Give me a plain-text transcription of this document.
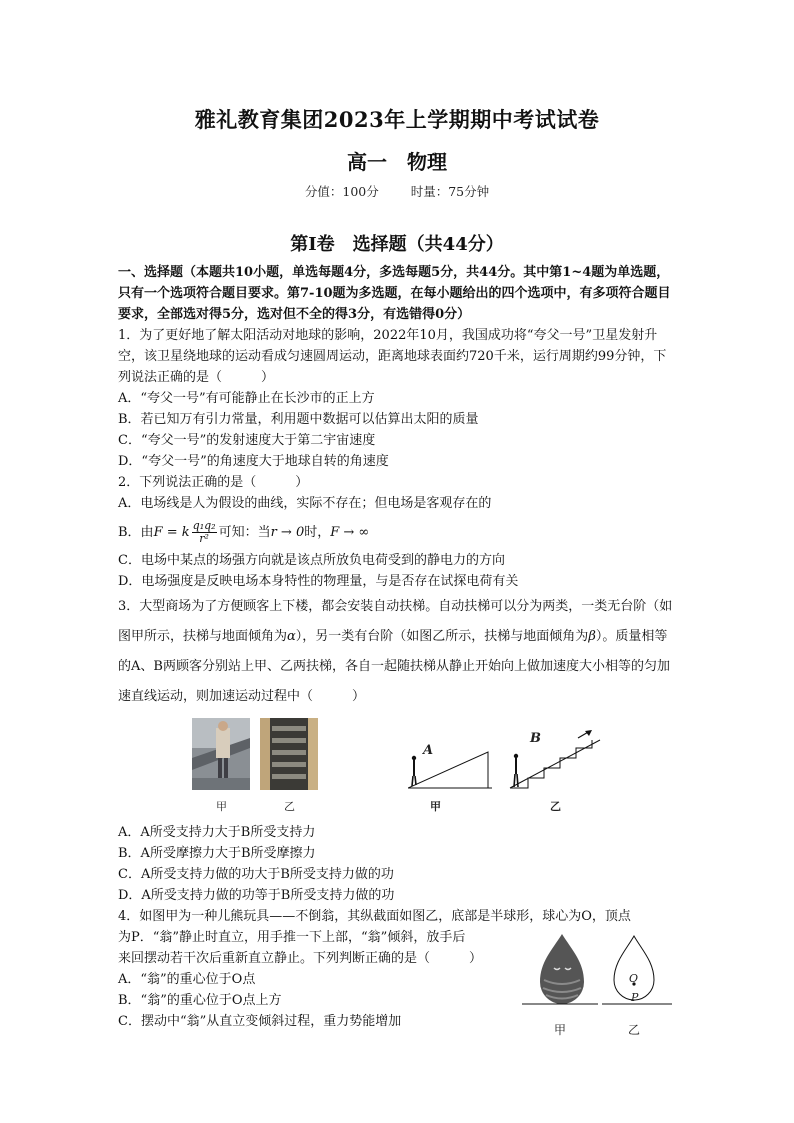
雅礼教育集团2023年上学期期中考试试卷
高一　物理
分值：100分	时量：75分钟
第I卷　选择题（共44分）

一、选择题（本题共10小题，单选每题4分，多选每题5分，共44分。其中第1~4题为单选题，只有一个选项符合题目要求。第7-10题为多选题，在每小题给出的四个选项中，有多项符合题目要求，全部选对得5分，选对但不全的得3分，有选错得0分）

1．为了更好地了解太阳活动对地球的影响，2022年10月，我国成功将“夸父一号”卫星发射升空，该卫星绕地球的运动看成匀速圆周运动，距离地球表面约720千米，运行周期约99分钟，下列说法正确的是（　　　）

A．“夸父一号”有可能静止在长沙市的正上方

B．若已知万有引力常量，利用题中数据可以估算出太阳的质量

C．“夸父一号”的发射速度大于第二宇宙速度

D．“夸父一号”的角速度大于地球自转的角速度

2．下列说法正确的是（　　　）

A．电场线是人为假设的曲线，实际不存在；但电场是客观存在的

B．由 F = k $\frac{\text{q₁q₂}}{\text{r²}}$ 可知：当 r → 0 时， F → ∞

C．电场中某点的场强方向就是该点所放负电荷受到的静电力的方向

D．电场强度是反映电场本身特性的物理量，与是否存在试探电荷有关

3．大型商场为了方便顾客上下楼，都会安装自动扶梯。自动扶梯可以分为两类，一类无台阶（如图甲所示，扶梯与地面倾角为α），另一类有台阶（如图乙所示，扶梯与地面倾角为β）。质量相等的A、B两顾客分别站上甲、乙两扶梯，各自一起随扶梯从静止开始向上做加速度大小相等的匀加速直线运动，则加速运动过程中（　　　）

甲	乙
A
甲
B
乙

A．A所受支持力大于B所受支持力

B．A所受摩擦力大于B所受摩擦力

C．A所受支持力做的功大于B所受支持力做的功

D．A所受支持力做的功等于B所受支持力做的功

4．如图甲为一种儿熊玩具——不倒翁，其纵截面如图乙，底部是半球形，球心为O，顶点

为P．“翁”静止时直立，用手推一下上部，“翁”倾斜，放手后

来回摆动若干次后重新直立静止。下列判断正确的是（　　　）

A．“翁”的重心位于O点

B．“翁”的重心位于O点上方

C．摆动中“翁”从直立变倾斜过程，重力势能增加

O
P
甲	乙
